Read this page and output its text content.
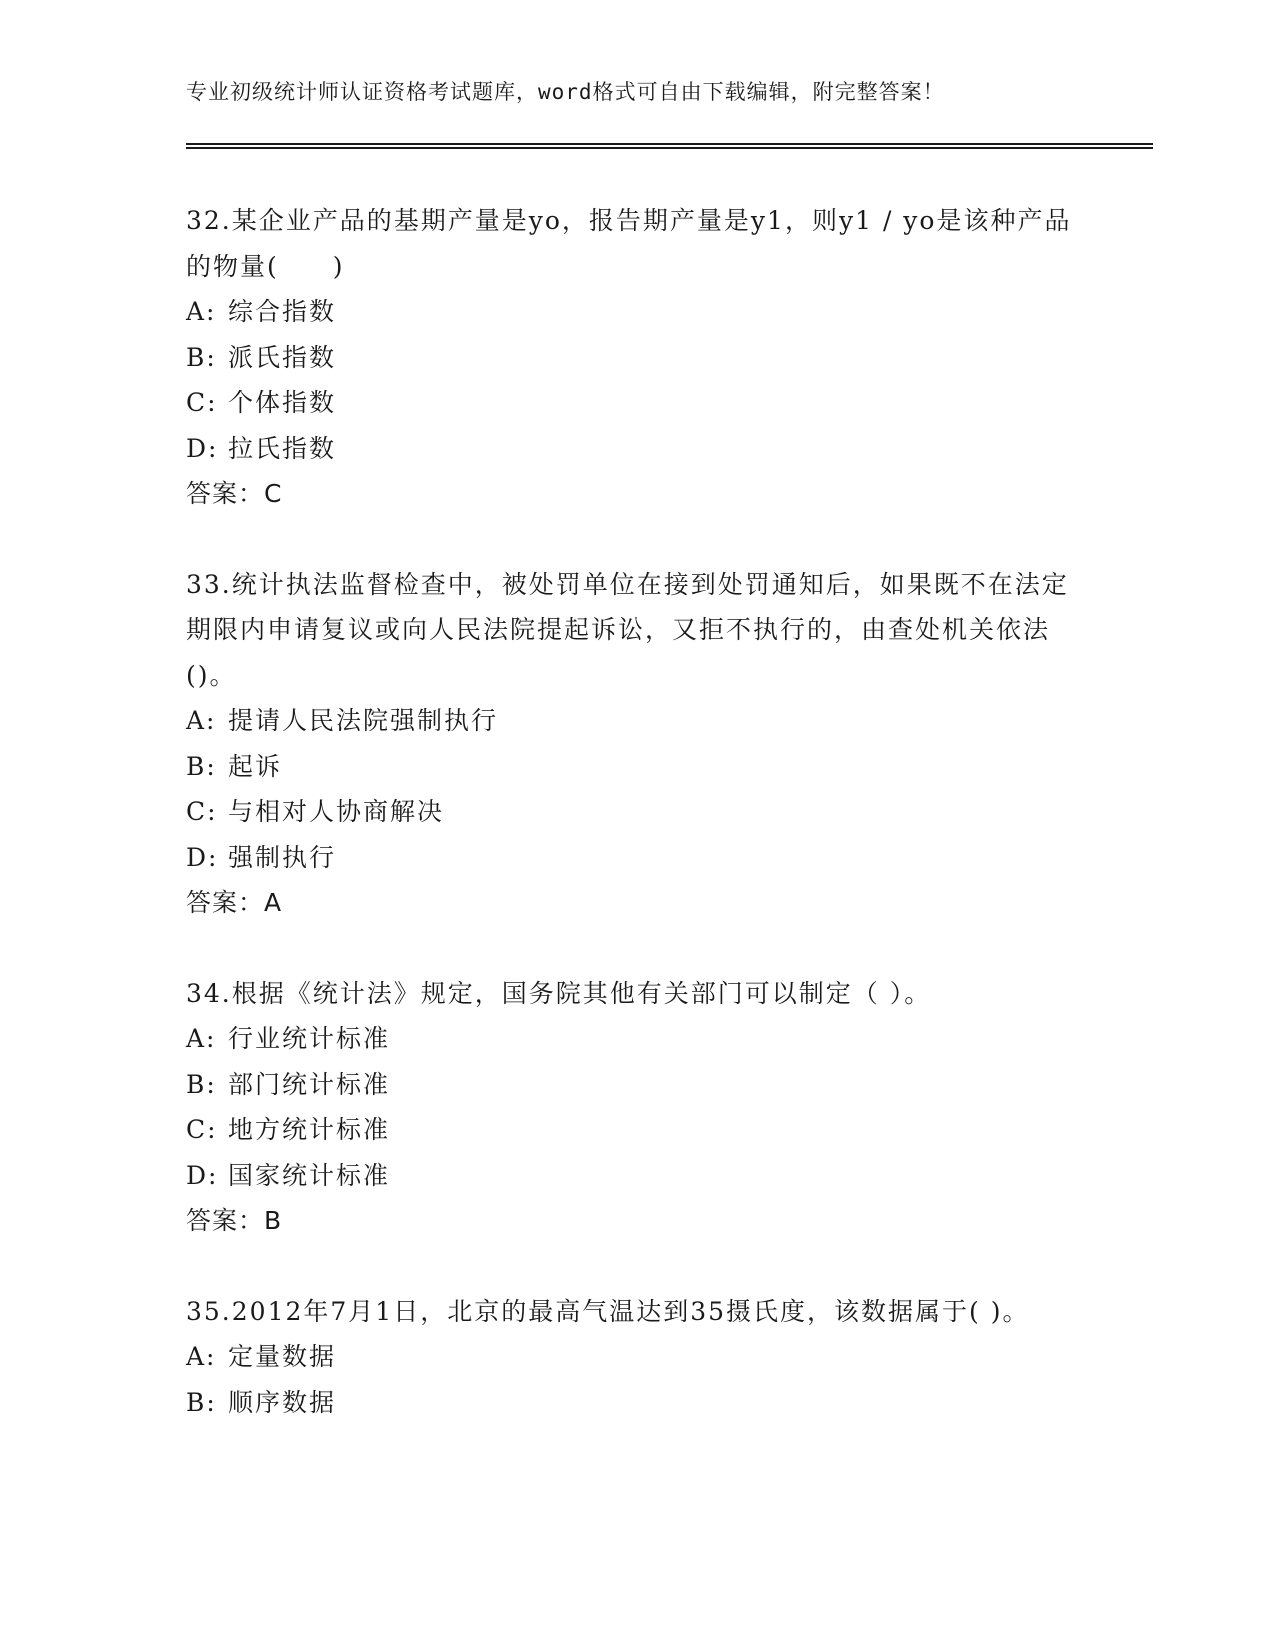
专业初级统计师认证资格考试题库，word格式可自由下载编辑，附完整答案！
32.某企业产品的基期产量是yo，报告期产量是y1，则y1 / yo是该种产品的物量(　　)
A: 综合指数
B: 派氏指数
C: 个体指数
D: 拉氏指数
答案：C
33.统计执法监督检查中，被处罚单位在接到处罚通知后，如果既不在法定期限内申请复议或向人民法院提起诉讼，又拒不执行的，由查处机关依法()。
A: 提请人民法院强制执行
B: 起诉
C: 与相对人协商解决
D: 强制执行
答案：A
34.根据《统计法》规定，国务院其他有关部门可以制定（ ）。
A: 行业统计标准
B: 部门统计标准
C: 地方统计标准
D: 国家统计标准
答案：B
35.2012年7月1日，北京的最高气温达到35摄氏度，该数据属于( )。
A: 定量数据
B: 顺序数据
